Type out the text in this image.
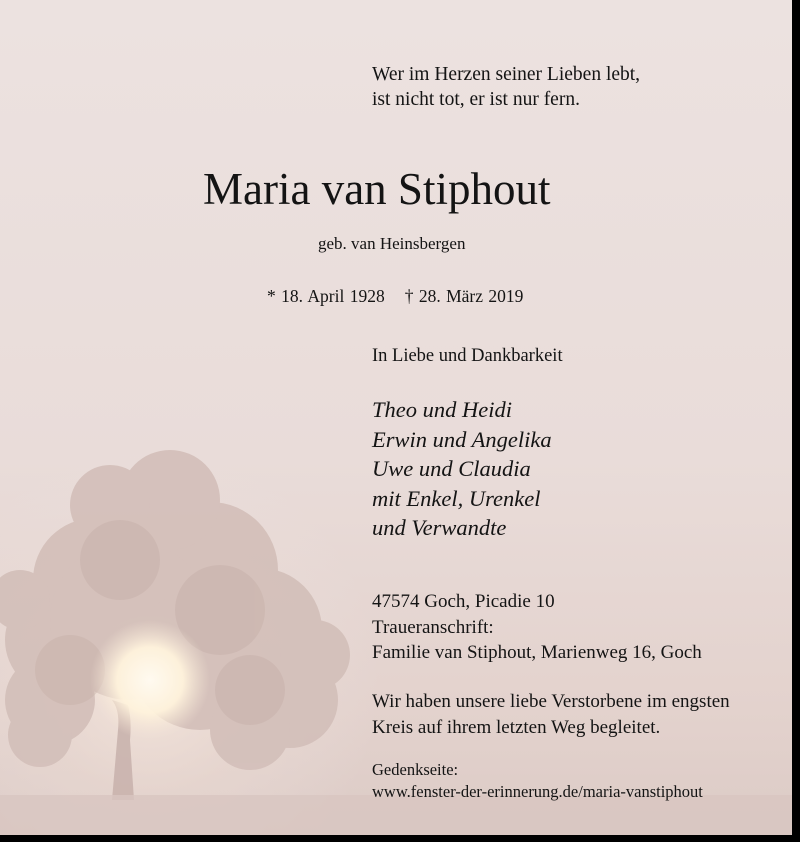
Wer im Herzen seiner Lieben lebt,
ist nicht tot, er ist nur fern.

Maria van Stiphout

geb. van Heinsbergen

* 18. April 1928 † 28. März 2019

In Liebe und Dankbarkeit

Theo und Heidi
Erwin und Angelika
Uwe und Claudia
mit Enkel, Urenkel
und Verwandte

47574 Goch, Picadie 10
Traueranschrift:
Familie van Stiphout, Marienweg 16, Goch

Wir haben unsere liebe Verstorbene im engsten
Kreis auf ihrem letzten Weg begleitet.

Gedenkseite:
www.fenster-der-erinnerung.de/maria-vanstiphout
